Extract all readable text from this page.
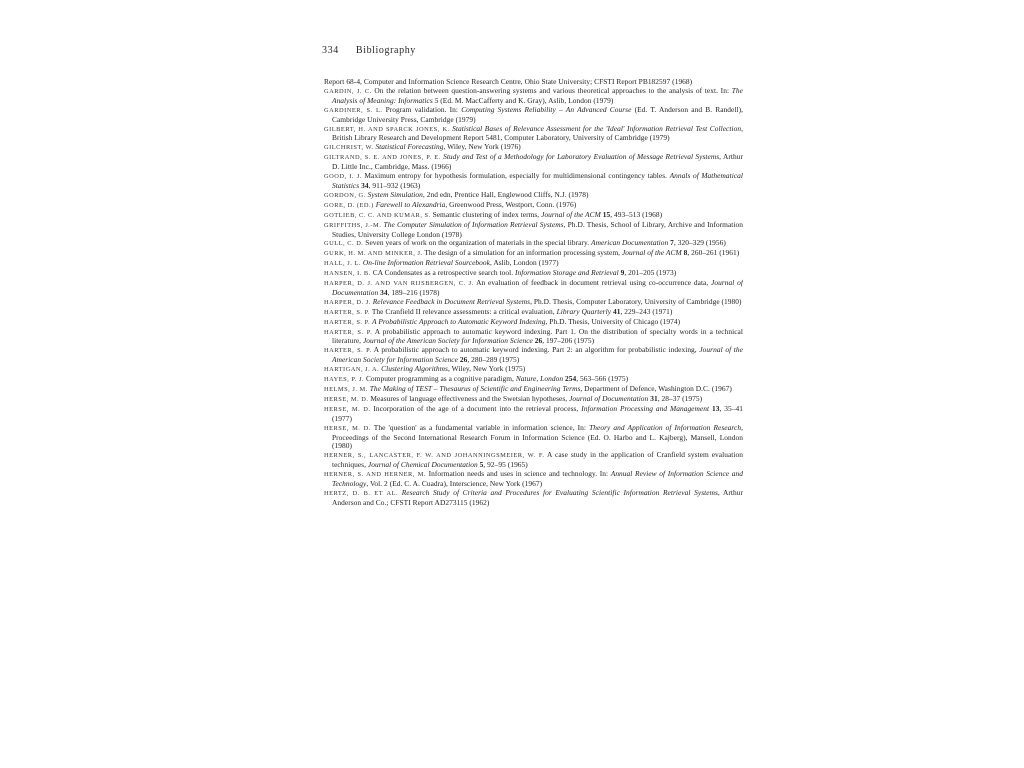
334 Bibliography

Report 68-4, Computer and Information Science Research Centre, Ohio State University; CFSTI Report PB182597 (1968)

GARDIN, J. C. On the relation between question-answering systems and various theoretical approaches to the analysis of text. In: The Analysis of Meaning: Informatics 5 (Ed. M. MacCafferty and K. Gray), Aslib, London (1979)

GARDINER, S. L. Program validation. In: Computing Systems Reliability – An Advanced Course (Ed. T. Anderson and B. Randell), Cambridge University Press, Cambridge (1979)

GILBERT, H. AND SPARCK JONES, K. Statistical Bases of Relevance Assessment for the 'Ideal' Information Retrieval Test Collection, British Library Research and Development Report 5481, Computer Laboratory, University of Cambridge (1979)

GILCHRIST, W. Statistical Forecasting, Wiley, New York (1976)

GILTRAND, S. E. AND JONES, P. E. Study and Test of a Methodology for Laboratory Evaluation of Message Retrieval Systems, Arthur D. Little Inc., Cambridge, Mass. (1966)

GOOD, I. J. Maximum entropy for hypothesis formulation, especially for multidimensional contingency tables. Annals of Mathematical Statistics 34, 911–932 (1963)

GORDON, G. System Simulation, 2nd edn, Prentice Hall, Englewood Cliffs, N.J. (1978)

GORE, D. (ED.) Farewell to Alexandria, Greenwood Press, Westport, Conn. (1976)

GOTLIEB, C. C. AND KUMAR, S. Semantic clustering of index terms, Journal of the ACM 15, 493–513 (1968)

GRIFFITHS, J.-M. The Computer Simulation of Information Retrieval Systems, Ph.D. Thesis, School of Library, Archive and Information Studies, University College London (1978)

GULL, C. D. Seven years of work on the organization of materials in the special library. American Documentation 7, 320–329 (1956)

GURK, H. M. AND MINKER, J. The design of a simulation for an information processing system, Journal of the ACM 8, 260–261 (1961)

HALL, J. L. On-line Information Retrieval Sourcebook, Aslib, London (1977)

HANSEN, I. B. CA Condensates as a retrospective search tool. Information Storage and Retrieval 9, 201–205 (1973)

HARPER, D. J. AND VAN RIJSBERGEN, C. J. An evaluation of feedback in document retrieval using co-occurrence data, Journal of Documentation 34, 189–216 (1978)

HARPER, D. J. Relevance Feedback in Document Retrieval Systems, Ph.D. Thesis, Computer Laboratory, University of Cambridge (1980)

HARTER, S. P. The Cranfield II relevance assessments: a critical evaluation, Library Quarterly 41, 229–243 (1971)

HARTER, S. P. A Probabilistic Approach to Automatic Keyword Indexing, Ph.D. Thesis, University of Chicago (1974)

HARTER, S. P. A probabilistic approach to automatic keyword indexing. Part 1. On the distribution of specialty words in a technical literature, Journal of the American Society for Information Science 26, 197–206 (1975)

HARTER, S. P. A probabilistic approach to automatic keyword indexing. Part 2: an algorithm for probabilistic indexing, Journal of the American Society for Information Science 26, 280–289 (1975)

HARTIGAN, J. A. Clustering Algorithms, Wiley, New York (1975)

HAYES, P. J. Computer programming as a cognitive paradigm, Nature, London 254, 563–566 (1975)

HELMS, J. M. The Making of TEST – Thesaurus of Scientific and Engineering Terms, Department of Defence, Washington D.C. (1967)

HERSE, M. D. Measures of language effectiveness and the Swetsian hypotheses, Journal of Documentation 31, 28–37 (1975)

HERSE, M. D. Incorporation of the age of a document into the retrieval process, Information Processing and Management 13, 35–41 (1977)

HERSE, M. D. The 'question' as a fundamental variable in information science, In: Theory and Application of Information Research, Proceedings of the Second International Research Forum in Information Science (Ed. O. Harbo and L. Kajberg), Mansell, London (1980)

HERNER, S., LANCASTER, F. W. AND JOHANNINGSMEIER, W. F. A case study in the application of Cranfield system evaluation techniques, Journal of Chemical Documentation 5, 92–95 (1965)

HERNER, S. AND HERNER, M. Information needs and uses in science and technology. In: Annual Review of Information Science and Technology, Vol. 2 (Ed. C. A. Cuadra), Interscience, New York (1967)

HERTZ, D. B. ET AL. Research Study of Criteria and Procedures for Evaluating Scientific Information Retrieval Systems, Arthur Anderson and Co.; CFSTI Report AD273115 (1962)
